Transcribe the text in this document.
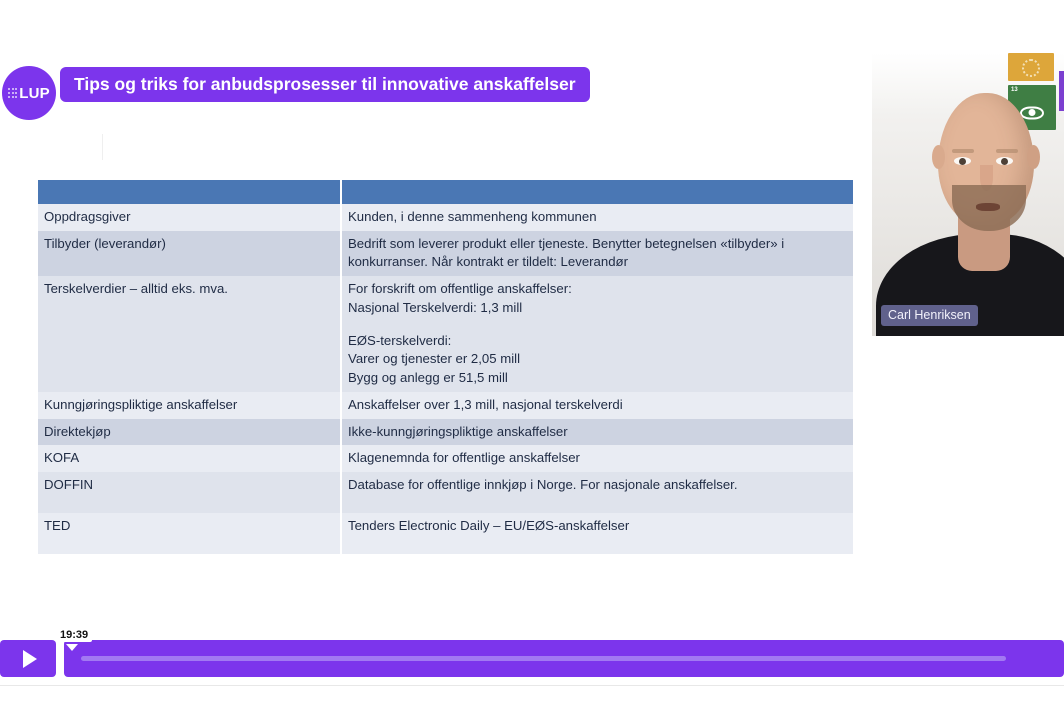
LUP Tips og triks for anbudsprosesser til innovative anskaffelser

Oppdragsgiver	Kunden, i denne sammenheng kommunen

Tilbyder (leverandør)	Bedrift som leverer produkt eller tjeneste. Benytter betegnelsen «tilbyder» i
konkurranser. Når kontrakt er tildelt: Leverandør

Terskelverdier – alltid eks. mva.	For forskrift om offentlige anskaffelser:
Nasjonal Terskelverdi: 1,3 mill
EØS-terskelverdi:
Varer og tjenester er 2,05 mill
Bygg og anlegg er 51,5 mill

Kunngjøringspliktige anskaffelser	Anskaffelser over 1,3 mill, nasjonal terskelverdi

Direktekjøp	Ikke-kunngjøringspliktige anskaffelser

KOFA	Klagenemnda for offentlige anskaffelser

DOFFIN	Database for offentlige innkjøp i Norge. For nasjonale anskaffelser.

TED	Tenders Electronic Daily – EU/EØS-anskaffelser
13
Carl Henriksen
19:39
